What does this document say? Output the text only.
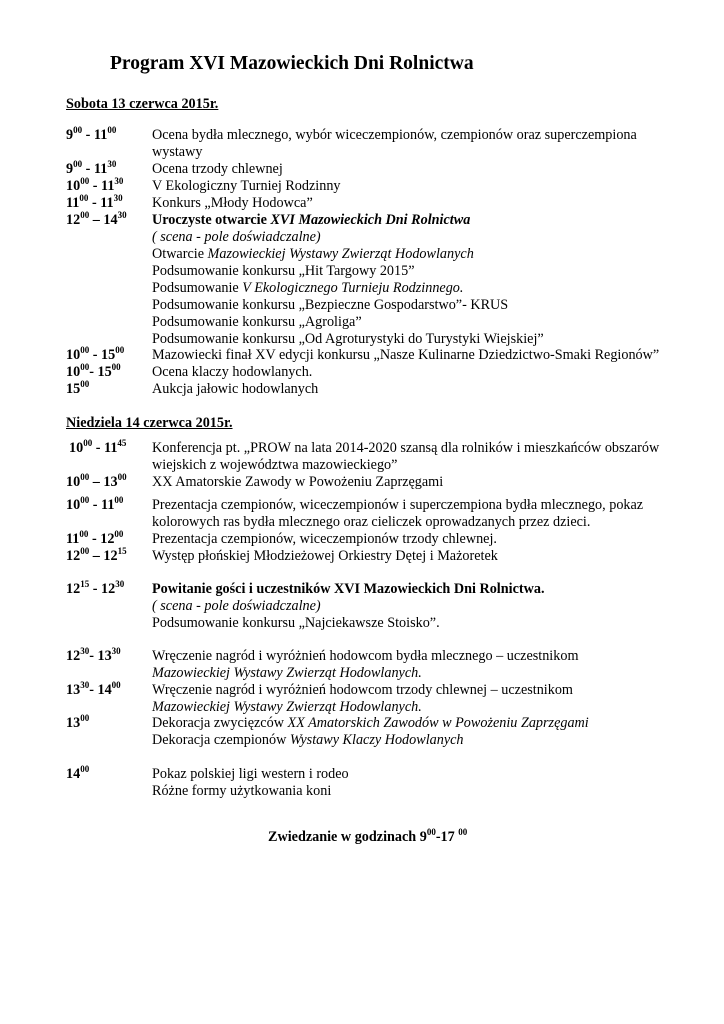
Program XVI Mazowieckich Dni Rolnictwa
Sobota 13 czerwca 2015r.
$9^{00} - 11^{00}$	Ocena bydła mlecznego, wybór wiceczempionów, czempionów oraz superczempiona wystawy
$9^{00} - 11^{30}$	Ocena trzody chlewnej
$10^{00} - 11^{30}$ V Ekologiczny Turniej Rodzinny
$11^{00} - 11^{30}$ Konkurs „Młody Hodowca”
$12^{00} - 14^{30}$ Uroczyste otwarcie XVI Mazowieckich Dni Rolnictwa
( scena - pole doświadczalne)
Otwarcie Mazowieckiej Wystawy Zwierząt Hodowlanych
Podsumowanie konkursu „Hit Targowy 2015”
Podsumowanie V Ekologicznego Turnieju Rodzinnego.
Podsumowanie konkursu „Bezpieczne Gospodarstwo”- KRUS
Podsumowanie konkursu „Agroliga”
Podsumowanie konkursu „Od Agroturystyki do Turystyki Wiejskiej”
$10^{00} - 15^{00}$ Mazowiecki finał XV edycji konkursu „Nasze Kulinarne Dziedzictwo-Smaki Regionów”
$10^{00}-$ $15^{00}$ Ocena klaczy hodowlanych.
$15^{00}$	Aukcja jałowic hodowlanych
Niedziela 14 czerwca 2015r.
$10^{00} - 11^{45}$ Konferencja pt. „PROW na lata 2014-2020 szansą dla rolników i mieszkańców obszarów wiejskich z województwa mazowieckiego”
$10^{00} - 13^{00}$ XX Amatorskie Zawody w Powożeniu Zaprzęgami
$10^{00} - 11^{00}$ Prezentacja czempionów, wiceczempionów i superczempiona bydła mlecznego, pokaz kolorowych ras bydła mlecznego oraz cieliczek oprowadzanych przez dzieci.
$11^{00} - 12^{00}$ Prezentacja czempionów, wiceczempionów trzody chlewnej.
$12^{00} - 12^{15}$ Występ płońskiej Młodzieżowej Orkiestry Dętej i Mażoretek
$12^{15} - 12^{30}$ Powitanie gości i uczestników XVI Mazowieckich Dni Rolnictwa.
( scena - pole doświadczalne)
Podsumowanie konkursu „Najciekawsze Stoisko”.
$12^{30}-$ $13^{30}$ Wręczenie nagród i wyróżnień hodowcom bydła mlecznego – uczestnikom
Mazowieckiej Wystawy Zwierząt Hodowlanych.
$13^{30}-$ $14^{00}$ Wręczenie nagród i wyróżnień hodowcom trzody chlewnej – uczestnikom
Mazowieckiej Wystawy Zwierząt Hodowlanych.
$13^{00}$	Dekoracja zwycięzców XX Amatorskich Zawodów w Powożeniu Zaprzęgami
Dekoracja czempionów Wystawy Klaczy Hodowlanych
$14^{00}$	Pokaz polskiej ligi western i rodeo
Różne formy użytkowania koni
Zwiedzanie w godzinach $9^{00}-17$ $^{00}$
